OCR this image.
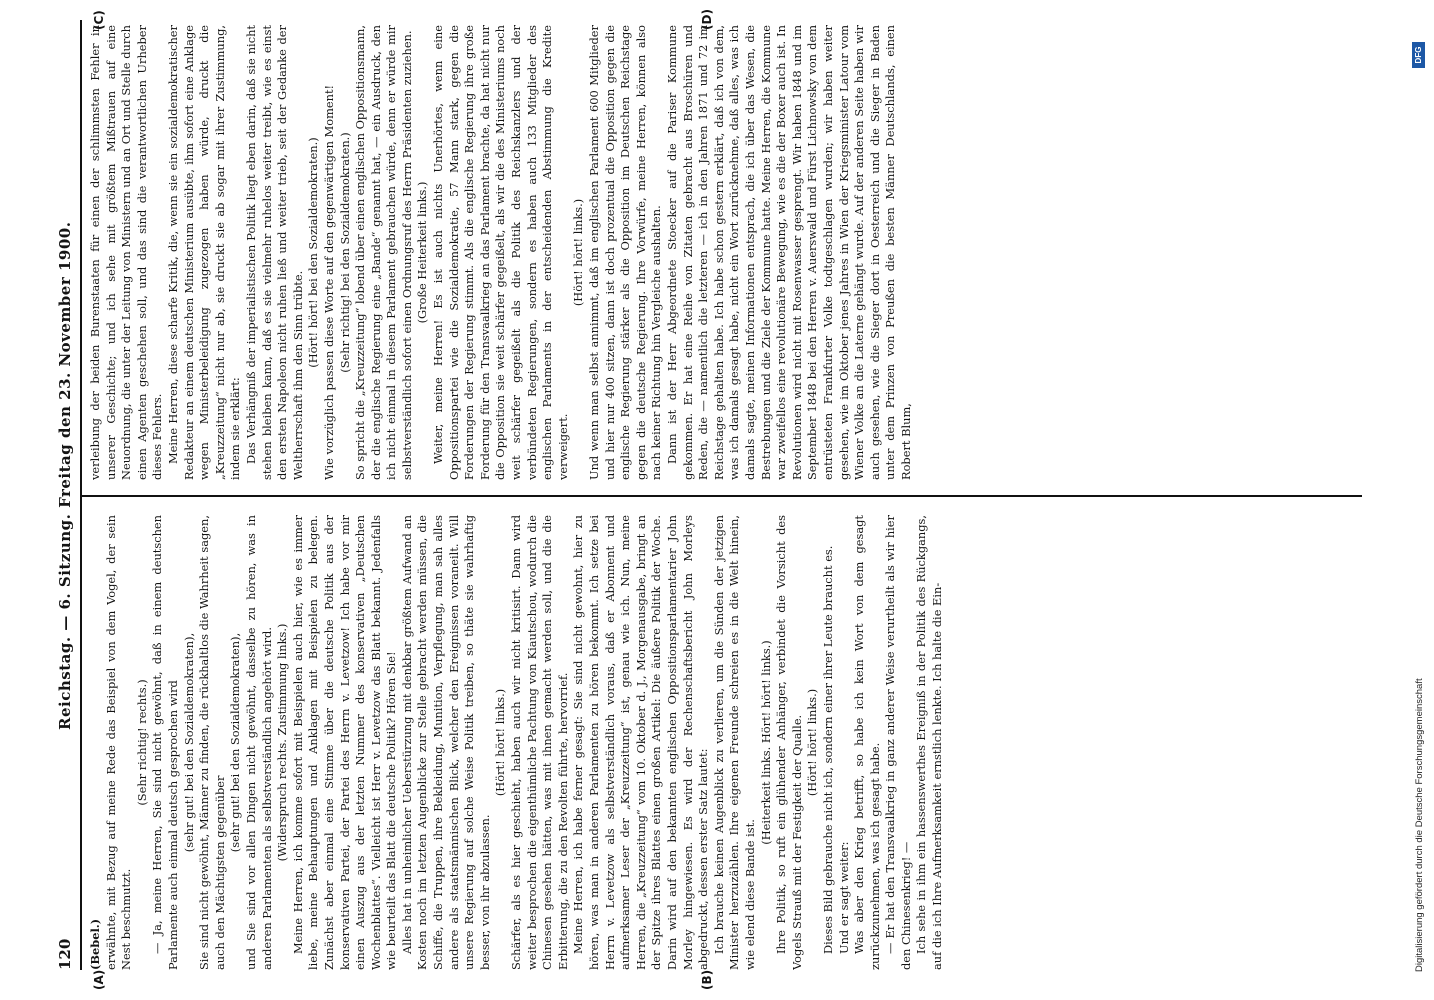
120
Reichstag. — 6. Sitzung. Freitag den 23. November 1900.
(A)	(B)
(C)	(D)

(Bebel.) erwähnte, mit Bezug auf meine Rede das Beispiel von dem Vogel, der sein Nest beschmutzt.

(Sehr richtig! rechts.) — Ja, meine Herren, Sie sind nicht gewöhnt, daß in einem deutschen Parlamente auch einmal deutsch gesprochen wird (sehr gut! bei den Sozialdemokraten), Sie sind nicht gewöhnt, Männer zu finden, die rückhaltlos die Wahrheit sagen, auch den Mächtigsten gegenüber

(sehr gut! bei den Sozialdemokraten), und Sie sind vor allen Dingen nicht gewöhnt, dasselbe zu hören, was in anderen Parlamenten als selbstverständlich angehört wird. (Widerspruch rechts. Zustimmung links.) Meine Herren, ich komme sofort mit Beispielen auch hier, wie es immer liebe, meine Behauptungen und Anklagen mit Beispielen zu belegen. Zunächst aber einmal eine Stimme über die deutsche Politik aus der konservativen Partei, der Partei des Herrn v. Levetzow! Ich habe vor mir einen Auszug aus der letzten Nummer des konservativen „Deutschen Wochenblattes“. Vielleicht ist Herr v. Levetzow das Blatt bekannt. Jedenfalls wie beurteilt das Blatt die deutsche Politik? Hören Sie! Alles hat in unheimlicher Ueberstürzung mit denkbar größtem Aufwand an Kosten noch im letzten Augenblicke zur Stelle gebracht werden müssen, die Schiffe, die Truppen, ihre Bekleidung, Munition, Verpflegung, man sah alles andere als staatsmännischen Blick, welcher den Ereignissen voraneilt. Will unsere Regierung auf solche Weise Politik treiben, so thäte sie wahrhaftig besser, von ihr abzulassen.

(Hört! hört! links.) Schärfer, als es hier geschieht, haben auch wir nicht kritisirt. Dann wird weiter besprochen die eigenthümliche Pachtung von Kiautschou, wodurch die Chinesen gesehen hätten, was mit ihnen gemacht werden soll, und die die Erbitterung, die zu den Revolten führte, hervorrief. Meine Herren, ich habe ferner gesagt: Sie sind nicht gewohnt, hier zu hören, was man in anderen Parlamenten zu hören bekommt. Ich setze bei Herrn v. Levetzow als selbstverständlich voraus, daß er Abonnent und aufmerksamer Leser der „Kreuzzeitung“ ist, genau wie ich. Nun, meine Herren, die „Kreuzzeitung“ vom 10. Oktober d. J., Morgenausgabe, bringt an der Spitze ihres Blattes einen großen Artikel: Die äußere Politik der Woche. Darin wird auf den bekannten englischen Oppositionsparlamentarier John Morley hingewiesen. Es wird der Rechenschaftsbericht John Morleys abgedruckt, dessen erster Satz lautet: Ich brauche keinen Augenblick zu verlieren, um die Sünden der jetzigen Minister herzuzählen. Ihre eigenen Freunde schreien es in die Welt hinein, wie elend diese Bande ist.

(Heiterkeit links. Hört! hört! links.) Ihre Politik, so ruft ein glühender Anhänger, verbindet die Vorsicht des Vogels Strauß mit der Festigkeit der Qualle. (Hört! hört! links.) Dieses Bild gebrauche nicht ich, sondern einer ihrer Leute braucht es. Und er sagt weiter: Was aber den Krieg betrifft, so habe ich kein Wort von dem gesagt zurückzunehmen, was ich gesagt habe. — Er hat den Transvaalkrieg in ganz anderer Weise verurtheilt als wir hier den Chinesenkrieg! — Ich sehe in ihm ein hassenswerthes Ereigniß in der Politik des Rückgangs, auf die ich Ihre Aufmerksamkeit ernstlich lenkte. Ich halte die Ein-

verleibung der beiden Burenstaaten für einen der schlimmsten Fehler in unserer Geschichte; und ich sehe mit größtem Mißtrauen auf eine Neuordnung, die unter der Leitung von Ministern und an Ort und Stelle durch einen Agenten geschehen soll, und das sind die verantwortlichen Urheber dieses Fehlers. Meine Herren, diese scharfe Kritik, die, wenn sie ein sozialdemokratischer Redakteur an einem deutschen Ministerium ausübte, ihm sofort eine Anklage wegen Ministerbeleidigung zugezogen haben würde, druckt die „Kreuzzeitung“ nicht nur ab, sie druckt sie ab sogar mit ihrer Zustimmung, indem sie erklärt: Das Verhängniß der imperialistischen Politik liegt eben darin, daß sie nicht stehen bleiben kann, daß es sie vielmehr ruhelos weiter treibt, wie es einst den ersten Napoleon nicht ruhen ließ und weiter trieb, seit der Gedanke der Weltherrschaft ihm den Sinn trübte.

(Hört! hört! bei den Sozialdemokraten.) Wie vorzüglich passen diese Worte auf den gegenwärtigen Moment! (Sehr richtig! bei den Sozialdemokraten.) So spricht die „Kreuzzeitung“ lobend über einen englischen Oppositionsmann, der die englische Regierung eine „Bande“ genannt hat, — ein Ausdruck, den ich nicht einmal in diesem Parlament gebrauchen würde, denn er würde mir selbstverständlich sofort einen Ordnungsruf des Herrn Präsidenten zuziehen. (Große Heiterkeit links.) Weiter, meine Herren! Es ist auch nichts Unerhörtes, wenn eine Oppositionspartei wie die Sozialdemokratie, 57 Mann stark, gegen die Forderungen der Regierung stimmt. Als die englische Regierung ihre große Forderung für den Transvaalkrieg an das Parlament brachte, da hat nicht nur die Opposition sie weit schärfer gegeißelt, als wir die des Ministeriums noch weit schärfer gegeißelt als die Politik des Reichskanzlers und der verbündeten Regierungen, sondern es haben auch 133 Mitglieder des englischen Parlaments in der entscheidenden Abstimmung die Kredite verweigert.

(Hört! hört! links.) Und wenn man selbst annimmt, daß im englischen Parlament 600 Mitglieder und hier nur 400 sitzen, dann ist doch prozentual die Opposition gegen die englische Regierung stärker als die Opposition im Deutschen Reichstage gegen die deutsche Regierung. Ihre Vorwürfe, meine Herren, können also nach keiner Richtung hin Vergleiche aushalten. Dann ist der Herr Abgeordnete Stoecker auf die Pariser Kommune gekommen. Er hat eine Reihe von Zitaten gebracht aus Broschüren und Reden, die — namentlich die letzteren — ich in den Jahren 1871 und 72 im Reichstage gehalten habe. Ich habe schon gestern erklärt, daß ich von dem, was ich damals gesagt habe, nicht ein Wort zurücknehme, daß alles, was ich damals sagte, meinen Informationen entsprach, die ich über das Wesen, die Bestrebungen und die Ziele der Kommune hatte. Meine Herren, die Kommune war zweifellos eine revolutionäre Bewegung, wie es die der Boxer auch ist. In Revolutionen wird nicht mit Rosenwasser gesprengt. Wir haben 1848 und im September 1848 bei den Herren v. Auerswald und Fürst Lichnowsky von dem entrüsteten Frankfurter Volke todtgeschlagen wurden; wir haben weiter gesehen, wie im Oktober jenes Jahres in Wien der Kriegsminister Latour vom Wiener Volke an die Laterne gehängt wurde. Auf der anderen Seite haben wir auch gesehen, wie die Sieger dort in Oesterreich und die Sieger in Baden unter dem Prinzen von Preußen die besten Männer Deutschlands, einen Robert Blum,

Digitalisierung gefördert durch die Deutsche Forschungsgemeinschaft
DFG
